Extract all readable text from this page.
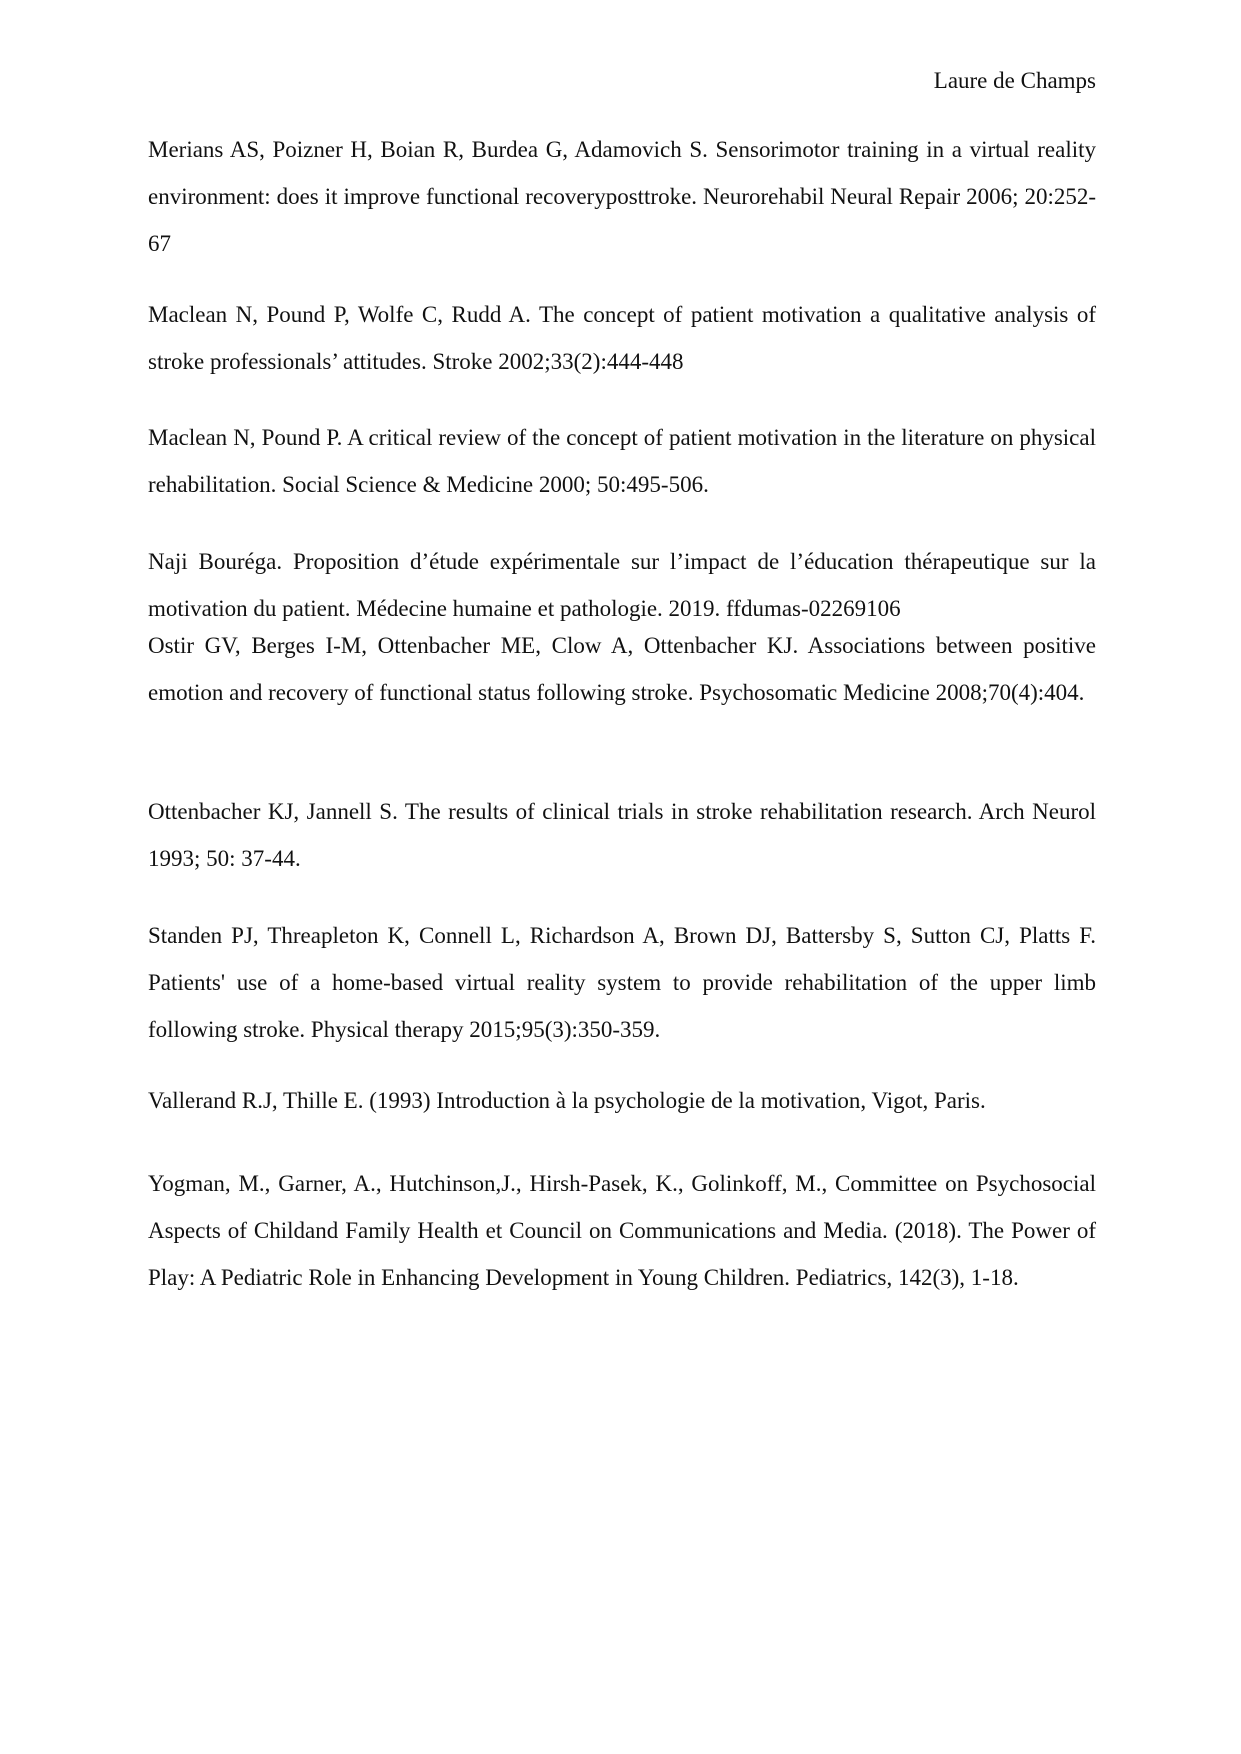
Laure de Champs
Merians AS, Poizner H, Boian R, Burdea G, Adamovich S. Sensorimotor training in a virtual reality environment: does it improve functional recoveryposttroke. Neurorehabil Neural Repair 2006; 20:252-67
Maclean N, Pound P, Wolfe C, Rudd A. The concept of patient motivation a qualitative analysis of stroke professionals’ attitudes. Stroke 2002;33(2):444-448
Maclean N, Pound P. A critical review of the concept of patient motivation in the literature on physical rehabilitation. Social Science & Medicine 2000; 50:495-506.
Naji Bouréga. Proposition d’étude expérimentale sur l’impact de l’éducation thérapeutique sur la motivation du patient. Médecine humaine et pathologie. 2019. ffdumas-02269106
Ostir GV, Berges I-M, Ottenbacher ME, Clow A, Ottenbacher KJ. Associations between positive emotion and recovery of functional status following stroke. Psychosomatic Medicine 2008;70(4):404.
Ottenbacher KJ, Jannell S. The results of clinical trials in stroke rehabilitation research. Arch Neurol 1993; 50: 37-44.
Standen PJ, Threapleton K, Connell L, Richardson A, Brown DJ, Battersby S, Sutton CJ, Platts F. Patients' use of a home-based virtual reality system to provide rehabilitation of the upper limb following stroke. Physical therapy 2015;95(3):350-359.
Vallerand R.J, Thille E. (1993) Introduction à la psychologie de la motivation, Vigot, Paris.
Yogman, M., Garner, A., Hutchinson,J., Hirsh-Pasek, K., Golinkoff, M., Committee on Psychosocial Aspects of Childand Family Health et Council on Communications and Media. (2018). The Power of Play: A Pediatric Role in Enhancing Development in Young Children. Pediatrics, 142(3), 1-18.
